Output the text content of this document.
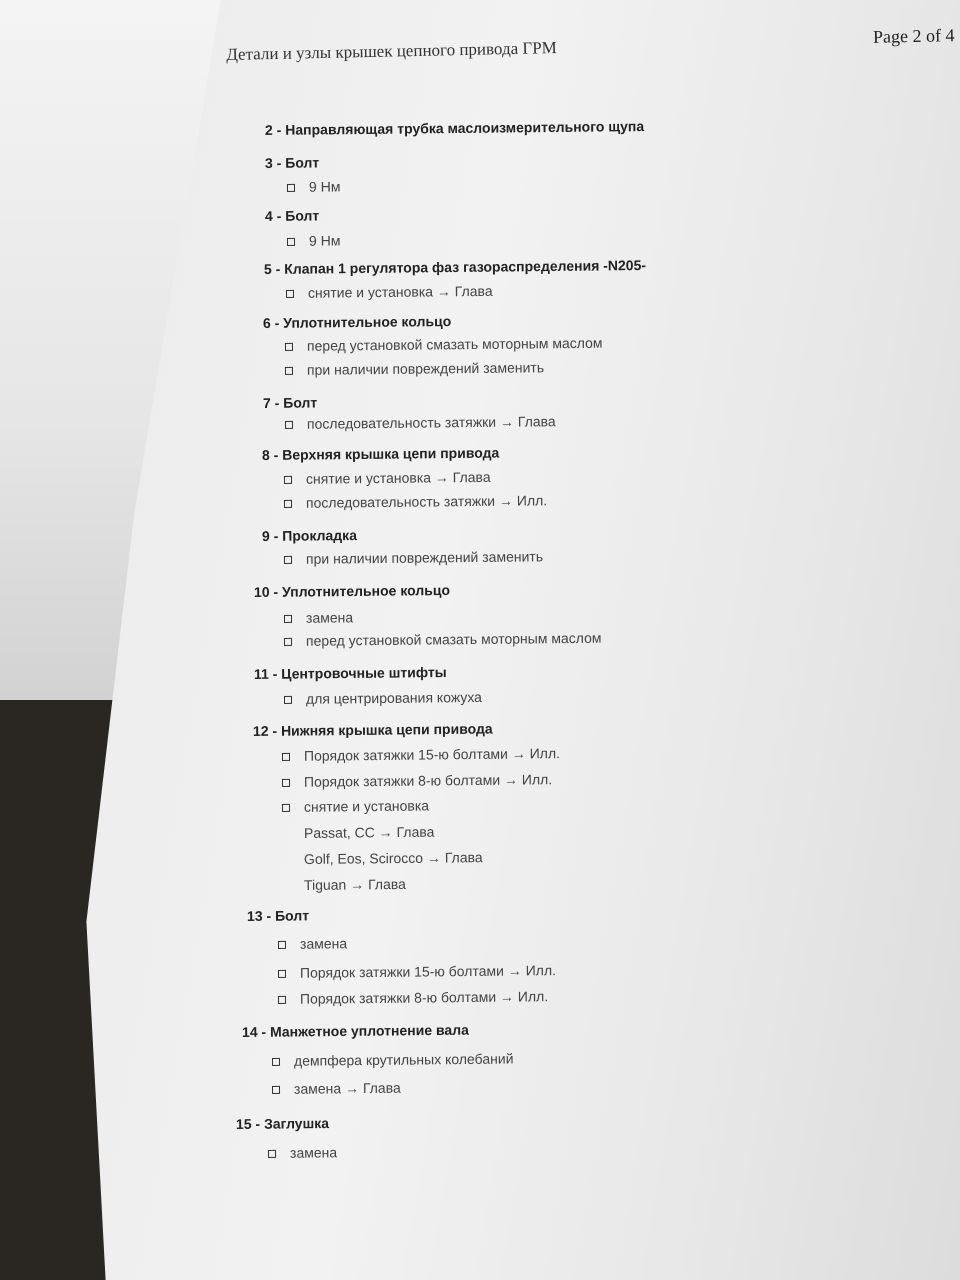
Детали и узлы крышек цепного привода ГРМ
Page 2 of 4
2 - Направляющая трубка маслоизмерительного щупа
3 - Болт
9 Нм
4 - Болт
9 Нм
5 - Клапан 1 регулятора фаз газораспределения -N205-
снятие и установка → Глава
6 - Уплотнительное кольцо
перед установкой смазать моторным маслом
при наличии повреждений заменить
7 - Болт
последовательность затяжки → Глава
8 - Верхняя крышка цепи привода
снятие и установка → Глава
последовательность затяжки → Илл.
9 - Прокладка
при наличии повреждений заменить
10 - Уплотнительное кольцо
замена
перед установкой смазать моторным маслом
11 - Центровочные штифты
для центрирования кожуха
12 - Нижняя крышка цепи привода
Порядок затяжки 15-ю болтами → Илл.
Порядок затяжки 8-ю болтами → Илл.
снятие и установка
Passat, CC → Глава
Golf, Eos, Scirocco → Глава
Tiguan → Глава
13 - Болт
замена
Порядок затяжки 15-ю болтами → Илл.
Порядок затяжки 8-ю болтами → Илл.
14 - Манжетное уплотнение вала
демпфера крутильных колебаний
замена → Глава
15 - Заглушка
замена
